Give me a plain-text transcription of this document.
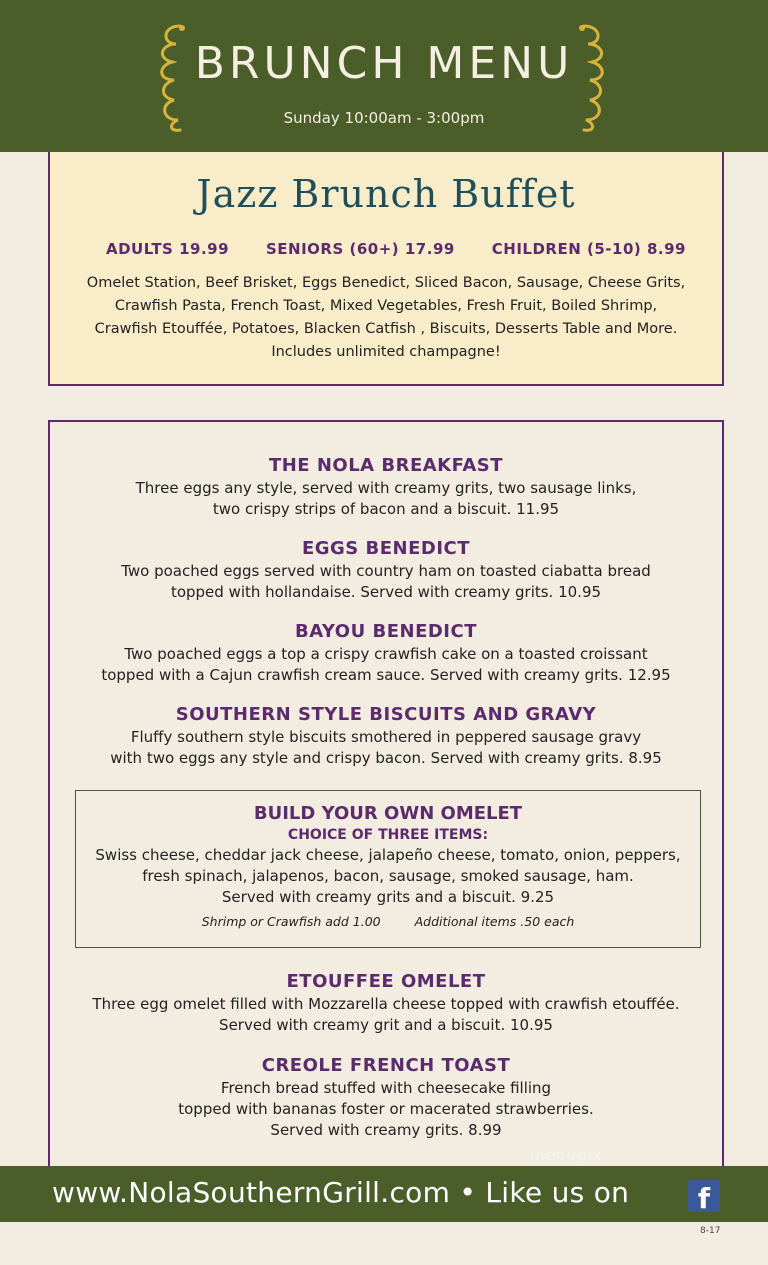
BRUNCH MENU
Sunday 10:00am - 3:00pm
Jazz Brunch Buffet
ADULTS 19.99 SENIORS (60+) 17.99 CHILDREN (5-10) 8.99
Omelet Station, Beef Brisket, Eggs Benedict, Sliced Bacon, Sausage, Cheese Grits,
Crawfish Pasta, French Toast, Mixed Vegetables, Fresh Fruit, Boiled Shrimp,
Crawfish Etouffée, Potatoes, Blacken Catfish , Biscuits, Desserts Table and More.
Includes unlimited champagne!
THE NOLA BREAKFAST
Three eggs any style, served with creamy grits, two sausage links,
two crispy strips of bacon and a biscuit. 11.95
EGGS BENEDICT
Two poached eggs served with country ham on toasted ciabatta bread
topped with hollandaise. Served with creamy grits. 10.95
BAYOU BENEDICT
Two poached eggs a top a crispy crawfish cake on a toasted croissant
topped with a Cajun crawfish cream sauce. Served with creamy grits. 12.95
SOUTHERN STYLE BISCUITS AND GRAVY
Fluffy southern style biscuits smothered in peppered sausage gravy
with two eggs any style and crispy bacon. Served with creamy grits. 8.95
BUILD YOUR OWN OMELET
CHOICE OF THREE ITEMS:
Swiss cheese, cheddar jack cheese, jalapeño cheese, tomato, onion, peppers,
fresh spinach, jalapenos, bacon, sausage, smoked sausage, ham.
Served with creamy grits and a biscuit. 9.25
Shrimp or Crawfish add 1.00	Additional items .50 each
ETOUFFEE OMELET
Three egg omelet filled with Mozzarella cheese topped with crawfish etouffée.
Served with creamy grit and a biscuit. 10.95
CREOLE FRENCH TOAST
French bread stuffed with cheesecake filling
topped with bananas foster or macerated strawberries.
Served with creamy grits. 8.99
menupix
www.NolaSouthernGrill.com • Like us on	f
8-17
